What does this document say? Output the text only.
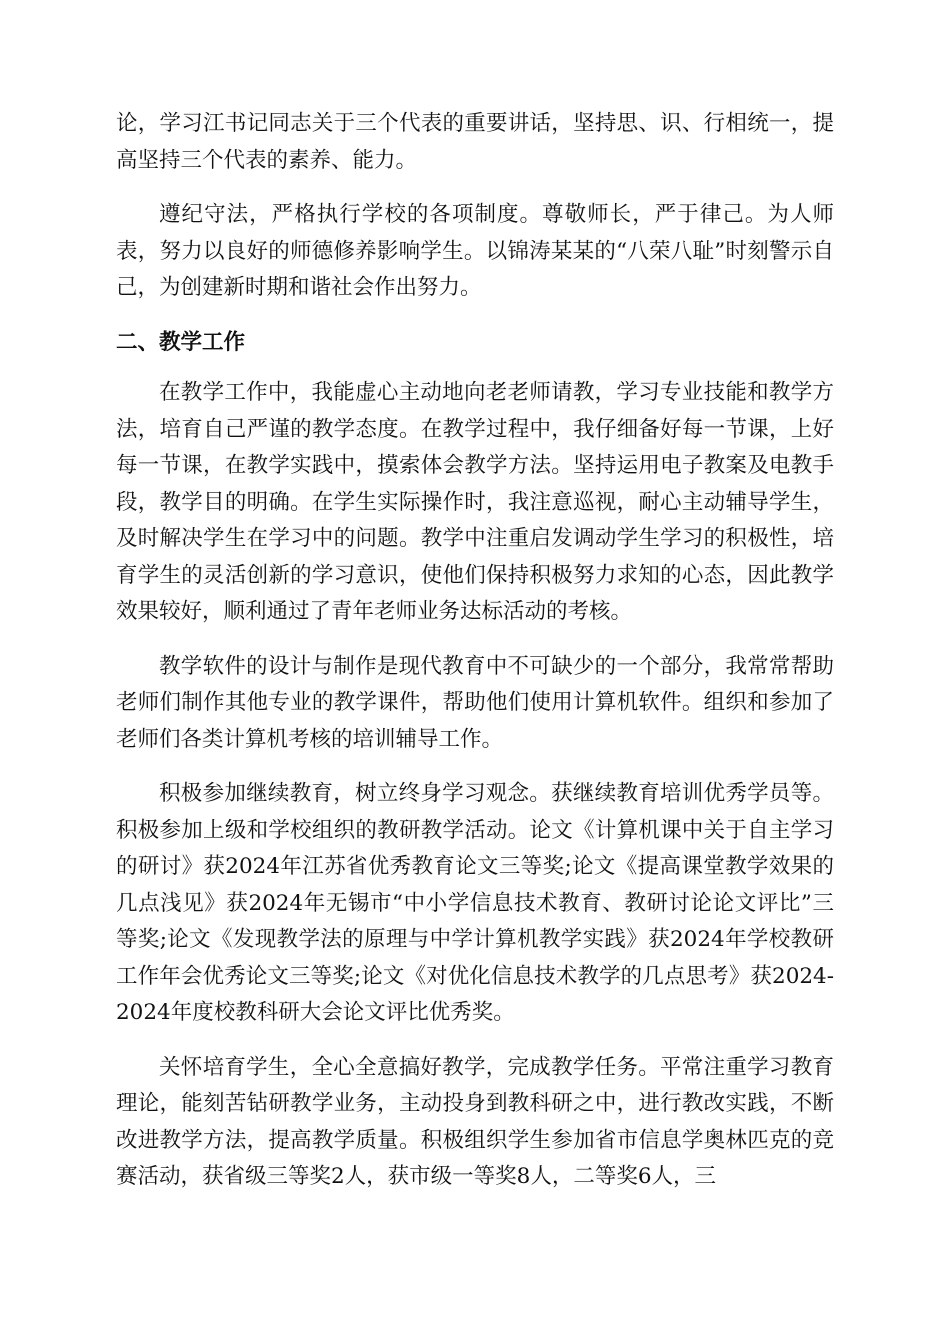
论，学习江书记同志关于三个代表的重要讲话，坚持思、识、行相统一，提高坚持三个代表的素养、能力。

遵纪守法，严格执行学校的各项制度。尊敬师长，严于律己。为人师表，努力以良好的师德修养影响学生。以锦涛某某的“八荣八耻”时刻警示自己，为创建新时期和谐社会作出努力。

二、教学工作

在教学工作中，我能虚心主动地向老老师请教，学习专业技能和教学方法，培育自己严谨的教学态度。在教学过程中，我仔细备好每一节课，上好每一节课，在教学实践中，摸索体会教学方法。坚持运用电子教案及电教手段，教学目的明确。在学生实际操作时，我注意巡视，耐心主动辅导学生，及时解决学生在学习中的问题。教学中注重启发调动学生学习的积极性，培育学生的灵活创新的学习意识，使他们保持积极努力求知的心态，因此教学效果较好，顺利通过了青年老师业务达标活动的考核。

教学软件的设计与制作是现代教育中不可缺少的一个部分，我常常帮助老师们制作其他专业的教学课件，帮助他们使用计算机软件。组织和参加了老师们各类计算机考核的培训辅导工作。

积极参加继续教育，树立终身学习观念。获继续教育培训优秀学员等。积极参加上级和学校组织的教研教学活动。论文《计算机课中关于自主学习的研讨》获2024年江苏省优秀教育论文三等奖;论文《提高课堂教学效果的几点浅见》获2024年无锡市“中小学信息技术教育、教研讨论论文评比”三等奖;论文《发现教学法的原理与中学计算机教学实践》获2024年学校教研工作年会优秀论文三等奖;论文《对优化信息技术教学的几点思考》获2024-2024年度校教科研大会论文评比优秀奖。

关怀培育学生，全心全意搞好教学，完成教学任务。平常注重学习教育理论，能刻苦钻研教学业务，主动投身到教科研之中，进行教改实践，不断改进教学方法，提高教学质量。积极组织学生参加省市信息学奥林匹克的竞赛活动，获省级三等奖2人，获市级一等奖8人，二等奖6人，三
